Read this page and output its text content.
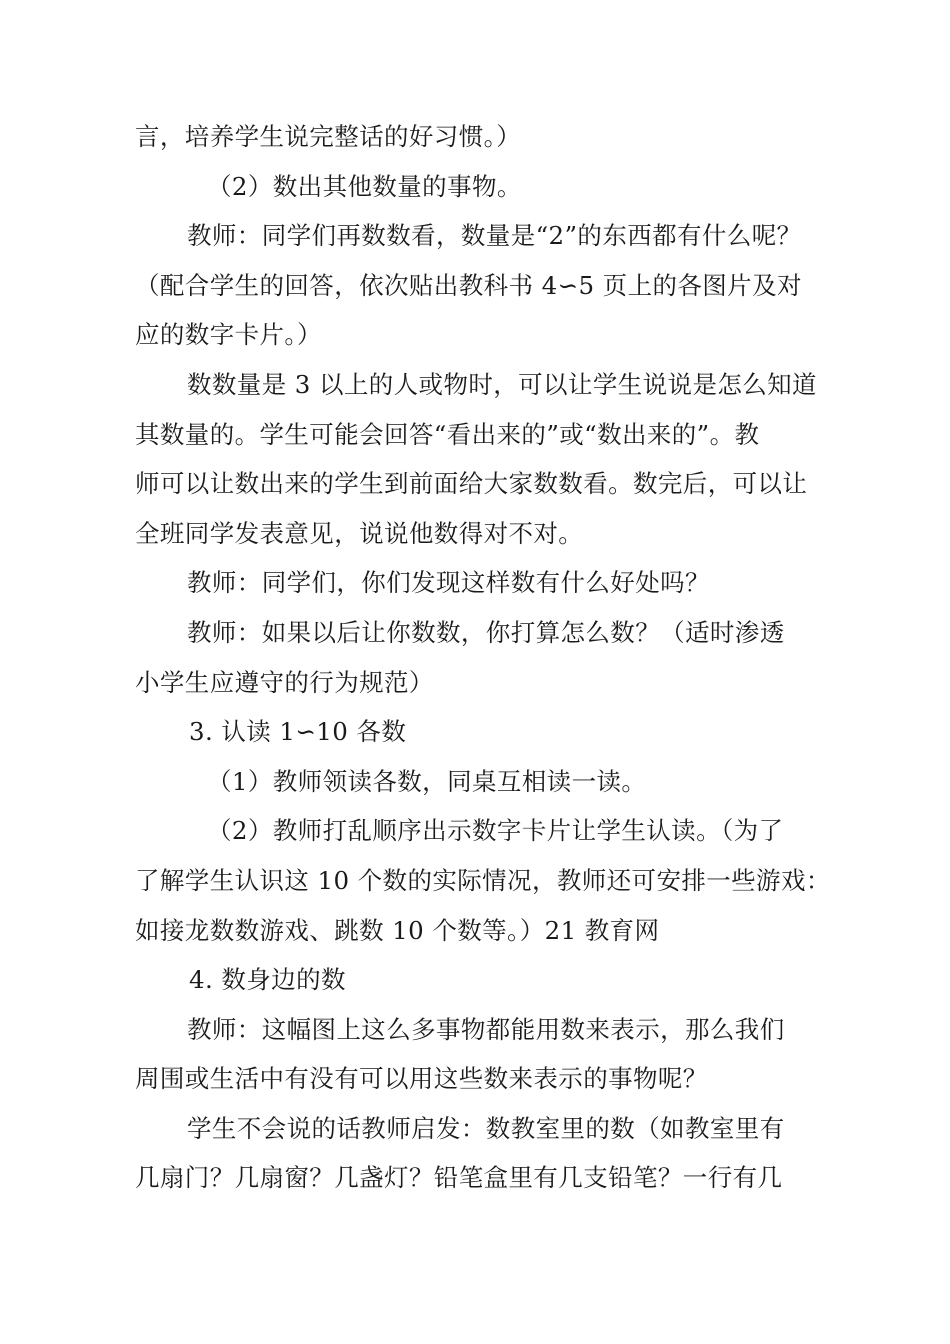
言，培养学生说完整话的好习惯。）
（2）数出其他数量的事物。
教师：同学们再数数看，数量是“2”的东西都有什么呢？
（配合学生的回答，依次贴出教科书 4∽5 页上的各图片及对
应的数字卡片。）
数数量是 3 以上的人或物时，可以让学生说说是怎么知道
其数量的。学生可能会回答“看出来的”或“数出来的”。教
师可以让数出来的学生到前面给大家数数看。数完后，可以让
全班同学发表意见，说说他数得对不对。
教师：同学们，你们发现这样数有什么好处吗？
教师：如果以后让你数数，你打算怎么数？（适时渗透
小学生应遵守的行为规范）
3. 认读 1∽10 各数
（1）教师领读各数，同桌互相读一读。
（2）教师打乱顺序出示数字卡片让学生认读。（为了
了解学生认识这 10 个数的实际情况，教师还可安排一些游戏：
如接龙数数游戏、跳数 10 个数等。）21 教育网
4. 数身边的数
教师：这幅图上这么多事物都能用数来表示，那么我们
周围或生活中有没有可以用这些数来表示的事物呢？
学生不会说的话教师启发：数教室里的数（如教室里有
几扇门？几扇窗？几盏灯？铅笔盒里有几支铅笔？一行有几
